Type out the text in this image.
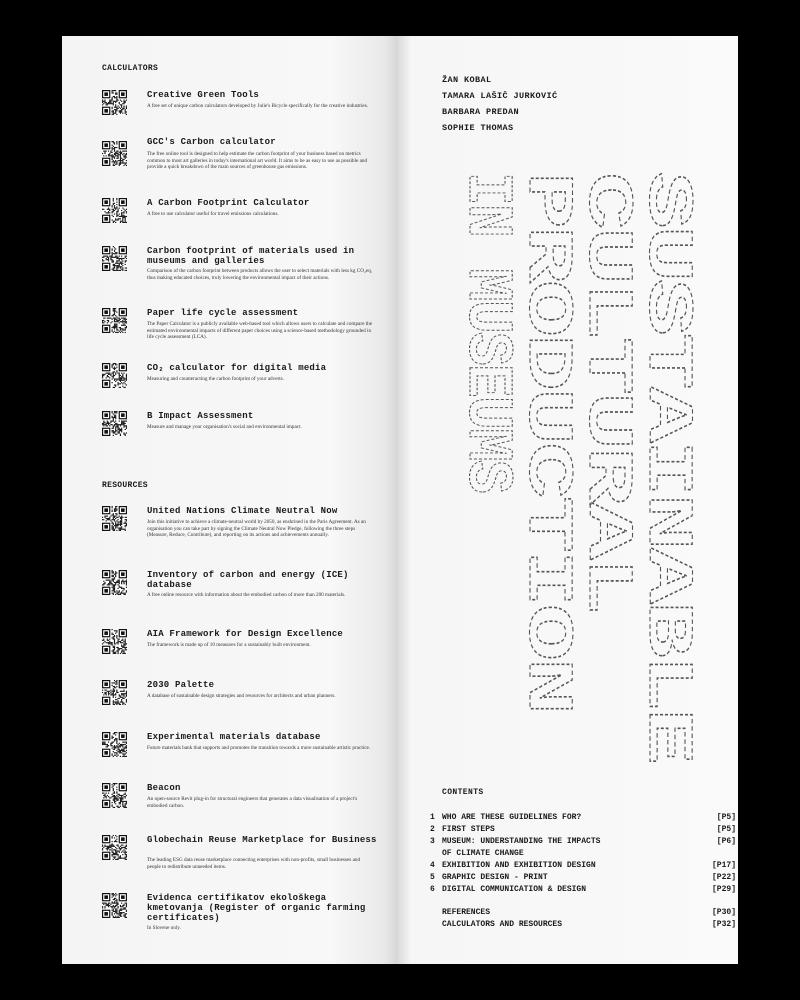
CALCULATORS
Creative Green Tools
A free set of unique carbon calculators developed by Julie's Bicycle specifically for the creative industries.
GCC's Carbon calculator
The free online tool is designed to help estimate the carbon footprint of your business based on metrics common to most art galleries in today's international art world. It aims to be as easy to use as possible and provide a quick breakdown of the main sources of greenhouse gas emissions.
A Carbon Footprint Calculator
A free to use calculator useful for travel emissions calculations.
Carbon footprint of materials used in museums and galleries
Comparison of the carbon footprint between products allows the user to select materials with less kg CO₂eq, thus making educated choices, truly lowering the environmental impact of their actions.
Paper life cycle assessment
The Paper Calculator is a publicly available web-based tool which allows users to calculate and compare the estimated environmental impacts of different paper choices using a science-based methodology grounded in life cycle assessment (LCA).
CO₂ calculator for digital media
Measuring and counteracting the carbon footprint of your adverts.
B Impact Assessment
Measure and manage your organisation's social and environmental impact.
RESOURCES
United Nations Climate Neutral Now
Join this initiative to achieve a climate-neutral world by 2050, as enshrined in the Paris Agreement. As an organisation you can take part by signing the Climate Neutral Now Pledge, following the three steps (Measure, Reduce, Contribute), and reporting on its actions and achievements annually.
Inventory of carbon and energy (ICE) database
A free online resource with information about the embodied carbon of more than 200 materials.
AIA Framework for Design Excellence
The framework is made up of 10 measures for a sustainably built environment.
2030 Palette
A database of sustainable design strategies and resources for architects and urban planners.
Experimental materials database
Future materials bank that supports and promotes the transition towards a more sustainable artistic practice.
Beacon
An open-source Revit plug-in for structural engineers that generates a data visualisation of a project's embodied carbon.
Globechain Reuse Marketplace for Business
The leading ESG data reuse marketplace connecting enterprises with non-profits, small businesses and people to redistribute unneeded items.
Evidenca certifikatov ekološkega kmetovanja (Register of organic farming certificates)
In Slovene only.
ŽAN KOBAL
TAMARA LAŠIČ JURKOVIĆ
BARBARA PREDAN
SOPHIE THOMAS
SUSTAINABLE
CULTURAL
PRODUCTION
IN MUSEUMS
CONTENTS
1 WHO ARE THESE GUIDELINES FOR?	[P5]
2 FIRST STEPS	[P5]
3 MUSEUM: UNDERSTANDING THE IMPACTS	[P6]
OF CLIMATE CHANGE
4 EXHIBITION AND EXHIBITION DESIGN	[P17]
5 GRAPHIC DESIGN - PRINT	[P22]
6 DIGITAL COMMUNICATION & DESIGN	[P29]
REFERENCES	[P30]
CALCULATORS AND RESOURCES	[P32]
